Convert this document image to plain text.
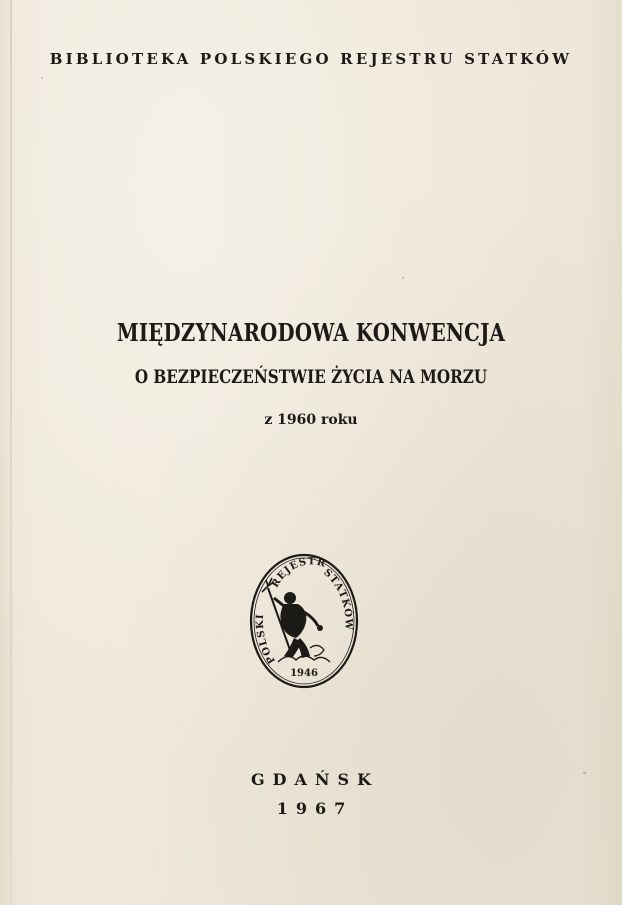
BIBLIOTEKA POLSKIEGO REJESTRU STATKÓW
MIĘDZYNARODOWA KONWENCJA
O BEZPIECZEŃSTWIE ŻYCIA NA MORZU
z 1960 roku
POLSKI
REJESTR
STATKÓW
1946
GDAŃSK
1967
